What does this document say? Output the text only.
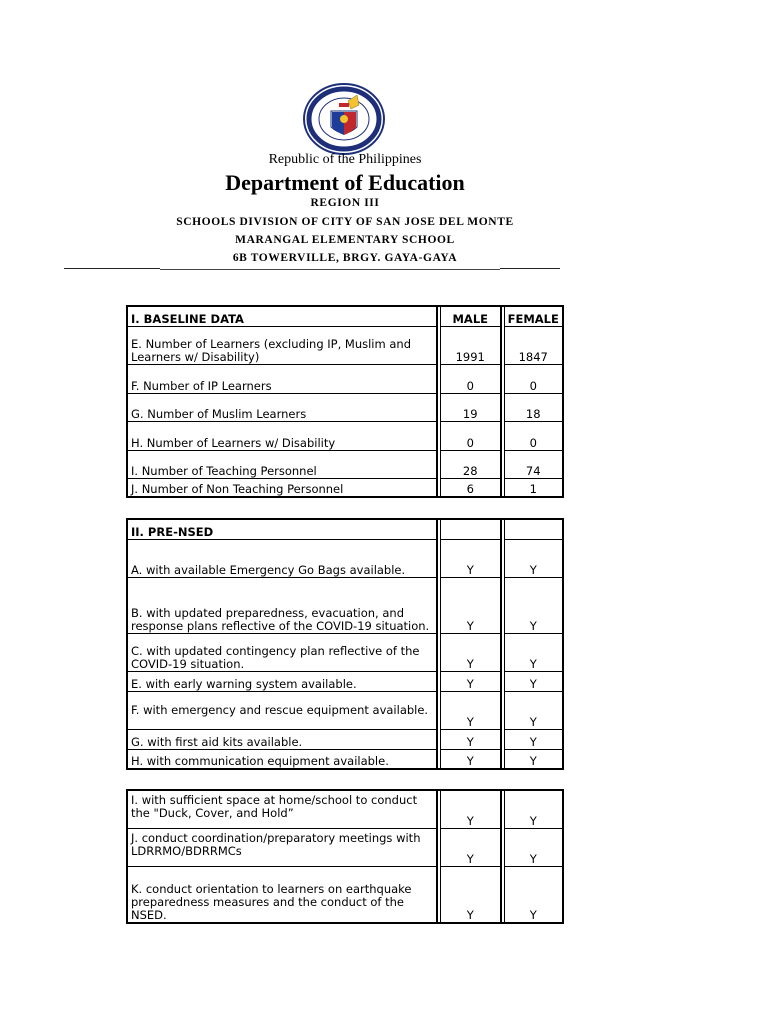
Republic of the Philippines
Department of Education
REGION III
SCHOOLS DIVISION OF CITY OF SAN JOSE DEL MONTE
MARANGAL ELEMENTARY SCHOOL
6B TOWERVILLE, BRGY. GAYA-GAYA
I. BASELINE DATA		MALE		FEMALE
E. Number of Learners (excluding IP, Muslim and Learners w/ Disability)		1991		1847
F. Number of IP Learners		0		0
G. Number of Muslim Learners		19		18
H. Number of Learners w/ Disability		0		0
I. Number of Teaching Personnel		28		74
J. Number of Non Teaching Personnel		6		1
II. PRE-NSED				
A. with available Emergency Go Bags available.		Y		Y
B. with updated preparedness, evacuation, and response plans reflective of the COVID-19 situation.		Y		Y
C. with updated contingency plan reflective of the COVID-19 situation.		Y		Y
E. with early warning system available.		Y		Y
F. with emergency and rescue equipment available.		Y		Y
G. with first aid kits available.		Y		Y
H. with communication equipment available.		Y		Y
I. with sufficient space at home/school to conduct the "Duck, Cover, and Hold”		Y		Y
J. conduct coordination/preparatory meetings with LDRRMO/BDRRMCs		Y		Y
K. conduct orientation to learners on earthquake preparedness measures and the conduct of the NSED.		Y		Y
